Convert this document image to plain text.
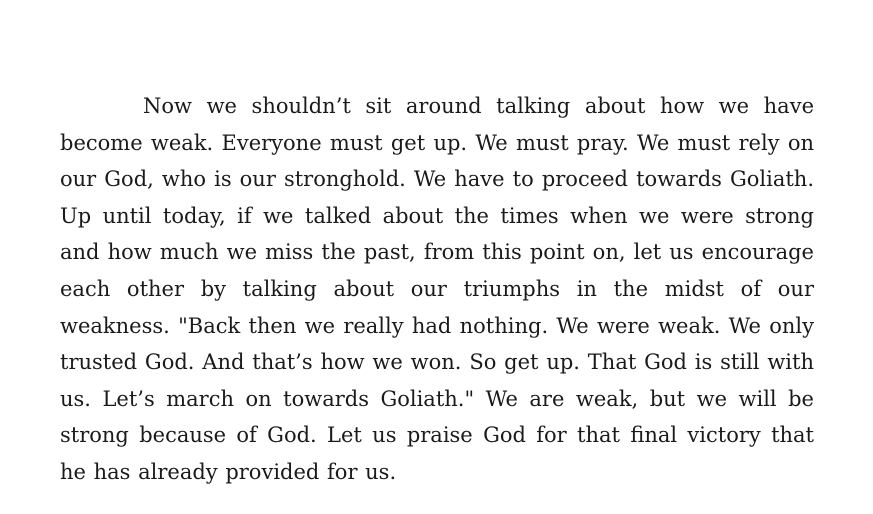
Now we shouldn’t sit around talking about how we have become weak. Everyone must get up. We must pray. We must rely on our God, who is our stronghold. We have to proceed towards Goliath. Up until today, if we talked about the times when we were strong and how much we miss the past, from this point on, let us encourage each other by talking about our triumphs in the midst of our weakness. "Back then we really had nothing. We were weak. We only trusted God. And that’s how we won. So get up. That God is still with us. Let’s march on towards Goliath." We are weak, but we will be strong because of God. Let us praise God for that final victory that he has already provided for us.
